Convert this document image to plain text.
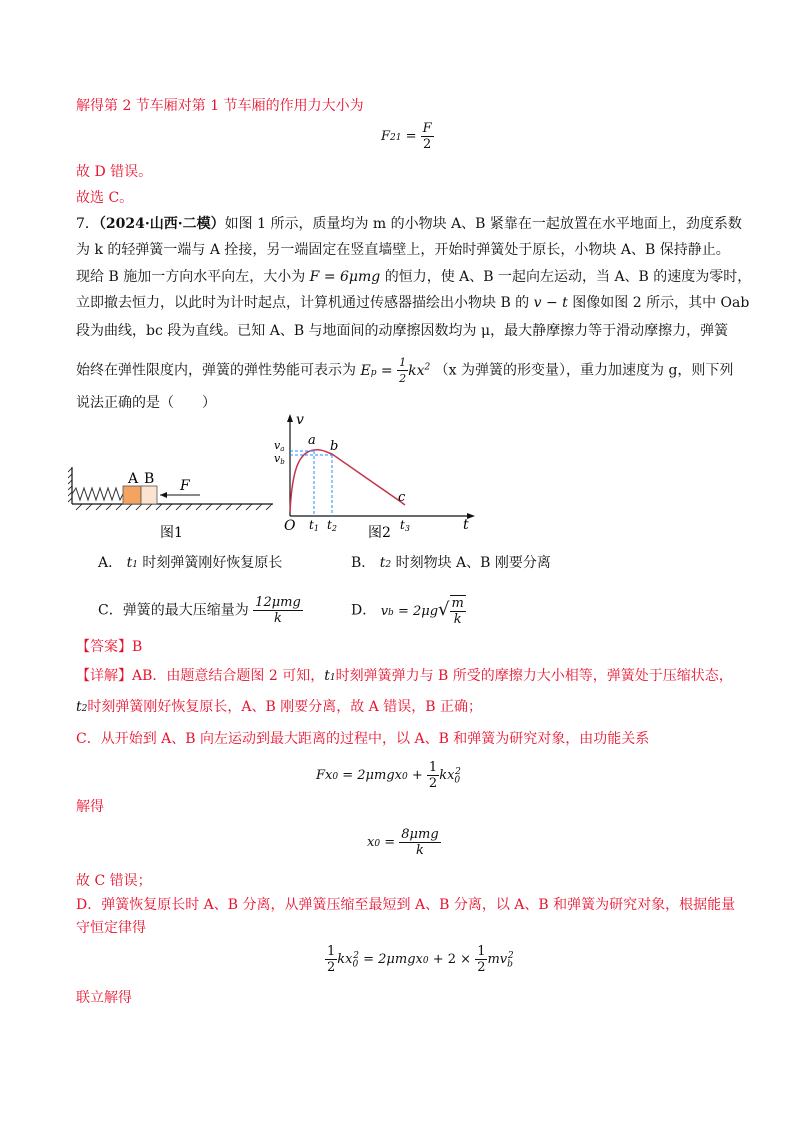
解得第 2 节车厢对第 1 节车厢的作用力大小为
$F21 = \frac{F}{2}$
故 D 错误。
故选 C。
7．（2024·山西·二模）如图 1 所示，质量均为 m 的小物块 A、B 紧靠在一起放置在水平地面上，劲度系数
为 k 的轻弹簧一端与 A 拴接，另一端固定在竖直墙壁上，开始时弹簧处于原长，小物块 A、B 保持静止。
现给 B 施加一方向水平向左，大小为 F = 6μmg 的恒力，使 A、B 一起向左运动，当 A、B 的速度为零时，
立即撤去恒力，以此时为计时起点，计算机通过传感器描绘出小物块 B 的 v − t 图像如图 2 所示，其中 Oab
段为曲线，bc 段为直线。已知 A、B 与地面间的动摩擦因数均为 μ，最大静摩擦力等于滑动摩擦力，弹簧
始终在弹性限度内，弹簧的弹性势能可表示为 $Ep = \frac{1}{2} kx^2$ （x 为弹簧的形变量），重力加速度为 g，则下列
说法正确的是（　　）
A B F
图1
v
t
O
a b
c
va
vb
t1 t2	t3
图2
A． t1 时刻弹簧刚好恢复原长	B． t2 时刻物块 A、B 刚要分离
C．弹簧的最大压缩量为 $\frac{\text{12μmg}}{k}$	D． vb = $2\mu g√ \frac{m}{k}$
【答案】B
【详解】AB．由题意结合题图 2 可知，t1时刻弹簧弹力与 B 所受的摩擦力大小相等，弹簧处于压缩状态，
t2时刻弹簧刚好恢复原长，A、B 刚要分离，故 A 错误，B 正确；
C．从开始到 A、B 向左运动到最大距离的过程中，以 A、B 和弹簧为研究对象，由功能关系
$Fx0 = 2\mu mgx0 + \frac{1}{2} kx_0^2$
解得
$x0 = \frac{\text{8μmg}}{k}$
故 C 错误；
D．弹簧恢复原长时 A、B 分离，从弹簧压缩至最短到 A、B 分离，以 A、B 和弹簧为研究对象，根据能量
守恒定律得
$\frac{1}{2} kx_0^2 = 2\mu mgx0 + 2 \times \frac{1}{2} mv_b^2$
联立解得
